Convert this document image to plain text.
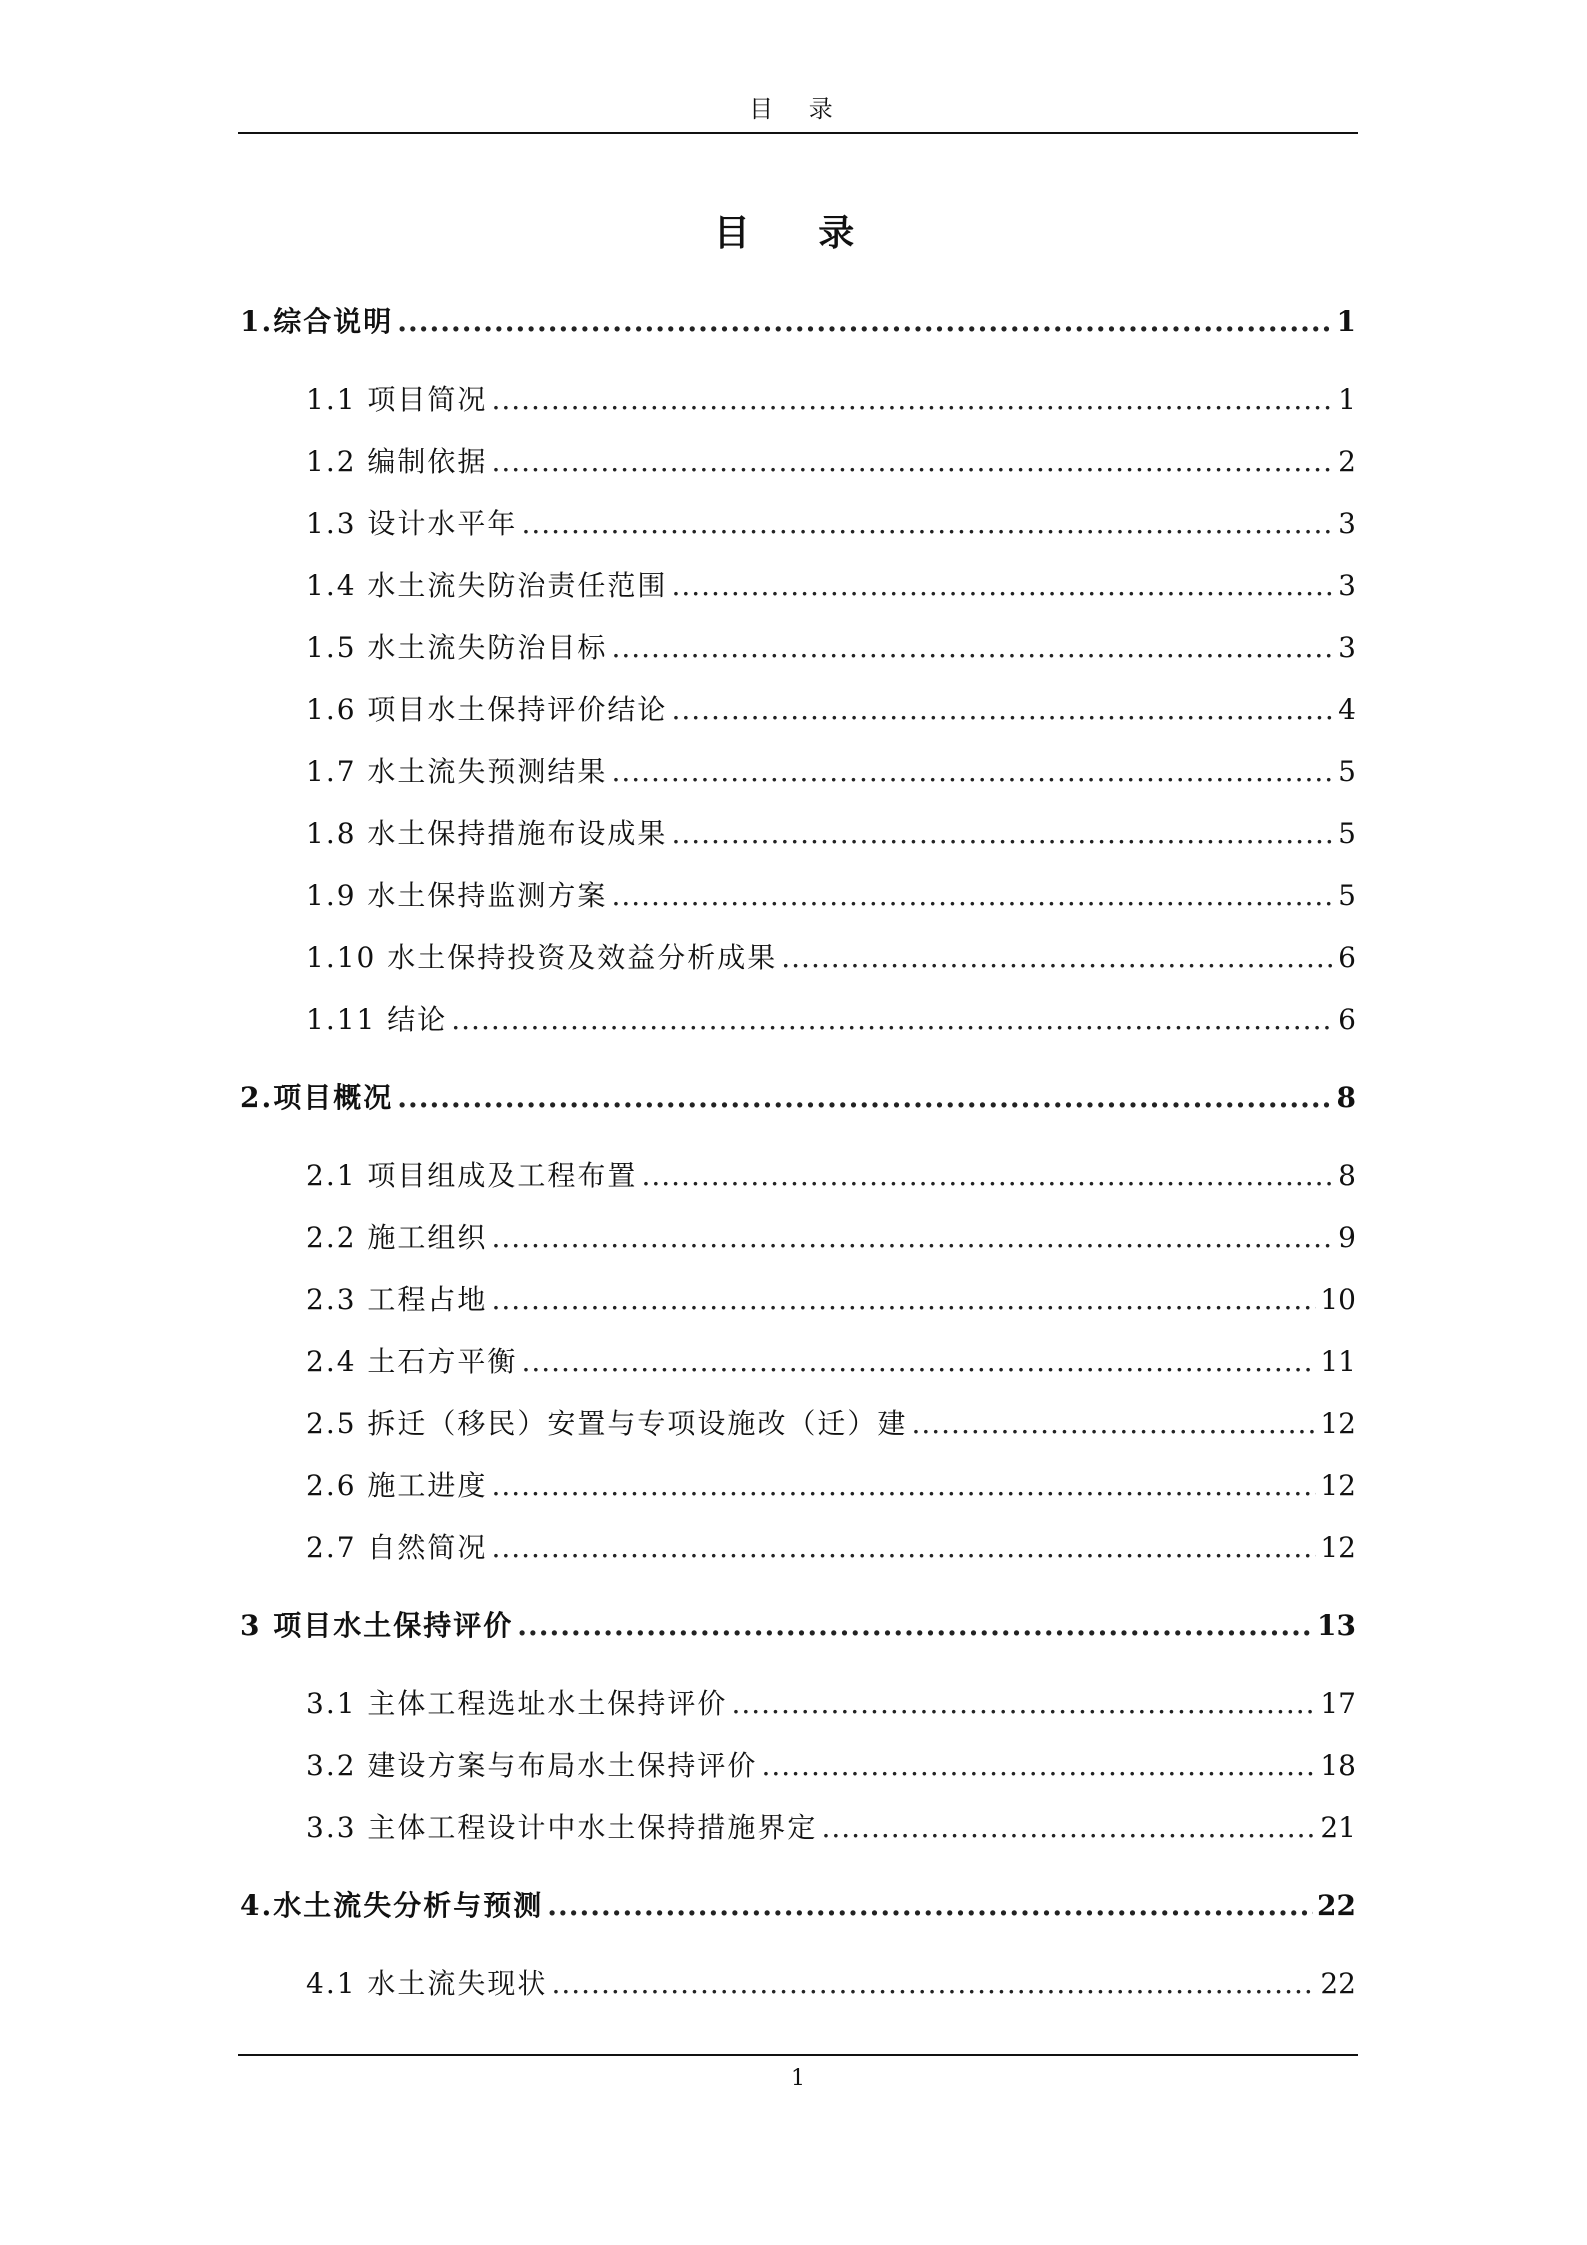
目 录
目 录
1.综合说明 .....	1
1.1 项目简况 .....	1
1.2 编制依据 .....	2
1.3 设计水平年 .....	3
1.4 水土流失防治责任范围 .....	3
1.5 水土流失防治目标 .....	3
1.6 项目水土保持评价结论 .....	4
1.7 水土流失预测结果 .....	5
1.8 水土保持措施布设成果 .....	5
1.9 水土保持监测方案 .....	5
1.10 水土保持投资及效益分析成果 .....	6
1.11 结论 .....	6
2.项目概况 .....	8
2.1 项目组成及工程布置 .....	8
2.2 施工组织 .....	9
2.3 工程占地 .....	10
2.4 土石方平衡 .....	11
2.5 拆迁（移民）安置与专项设施改（迁）建 .....	12
2.6 施工进度 .....	12
2.7 自然简况 .....	12
3 项目水土保持评价 .....	13
3.1 主体工程选址水土保持评价 .....	17
3.2 建设方案与布局水土保持评价 .....	18
3.3 主体工程设计中水土保持措施界定 .....	21
4.水土流失分析与预测 .....	22
4.1 水土流失现状 .....	22
1
